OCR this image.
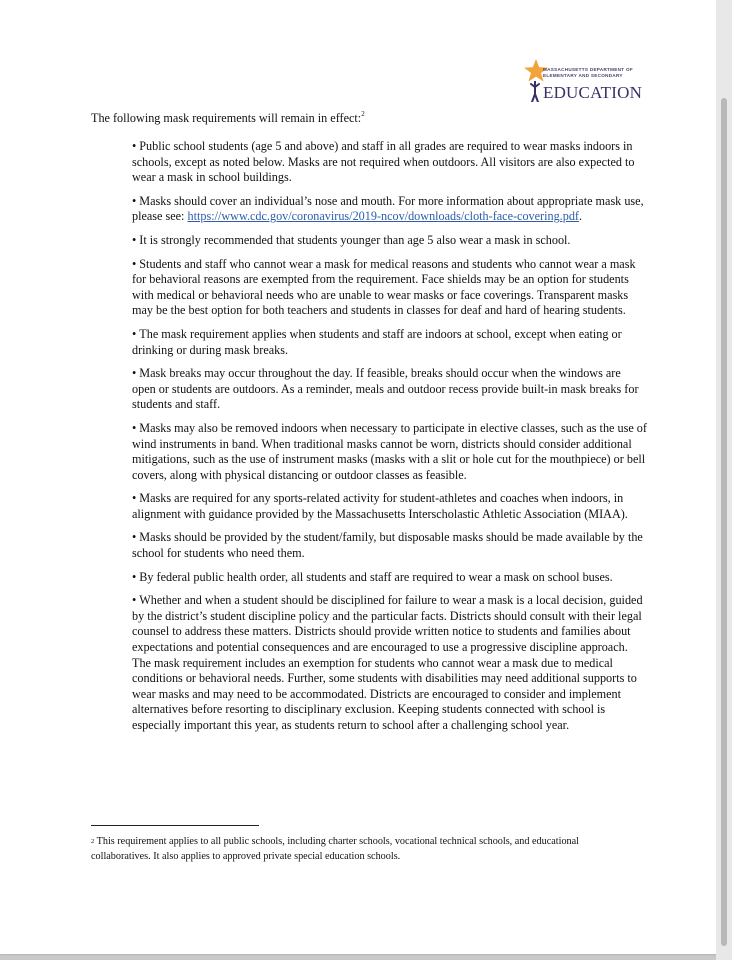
MASSACHUSETTS DEPARTMENT OF ELEMENTARY AND SECONDARY
EDUCATION
The following mask requirements will remain in effect:$^2$
• Public school students (age 5 and above) and staff in all grades are required to wear masks indoors in schools, except as noted below. Masks are not required when outdoors. All visitors are also expected to wear a mask in school buildings.
• Masks should cover an individual’s nose and mouth. For more information about appropriate mask use, please see: https://www.cdc.gov/coronavirus/2019-ncov/downloads/cloth-face-covering.pdf.
• It is strongly recommended that students younger than age 5 also wear a mask in school.
• Students and staff who cannot wear a mask for medical reasons and students who cannot wear a mask for behavioral reasons are exempted from the requirement. Face shields may be an option for students with medical or behavioral needs who are unable to wear masks or face coverings. Transparent masks may be the best option for both teachers and students in classes for deaf and hard of hearing students.
• The mask requirement applies when students and staff are indoors at school, except when eating or drinking or during mask breaks.
• Mask breaks may occur throughout the day. If feasible, breaks should occur when the windows are open or students are outdoors. As a reminder, meals and outdoor recess provide built-in mask breaks for students and staff.
• Masks may also be removed indoors when necessary to participate in elective classes, such as the use of wind instruments in band. When traditional masks cannot be worn, districts should consider additional mitigations, such as the use of instrument masks (masks with a slit or hole cut for the mouthpiece) or bell covers, along with physical distancing or outdoor classes as feasible.
• Masks are required for any sports-related activity for student-athletes and coaches when indoors, in alignment with guidance provided by the Massachusetts Interscholastic Athletic Association (MIAA).
• Masks should be provided by the student/family, but disposable masks should be made available by the school for students who need them.
• By federal public health order, all students and staff are required to wear a mask on school buses.
• Whether and when a student should be disciplined for failure to wear a mask is a local decision, guided by the district’s student discipline policy and the particular facts. Districts should consult with their legal counsel to address these matters. Districts should provide written notice to students and families about expectations and potential consequences and are encouraged to use a progressive discipline approach. The mask requirement includes an exemption for students who cannot wear a mask due to medical conditions or behavioral needs. Further, some students with disabilities may need additional supports to wear masks and may need to be accommodated. Districts are encouraged to consider and implement alternatives before resorting to disciplinary exclusion. Keeping students connected with school is especially important this year, as students return to school after a challenging school year.
$^2$ This requirement applies to all public schools, including charter schools, vocational technical schools, and educational collaboratives. It also applies to approved private special education schools.
